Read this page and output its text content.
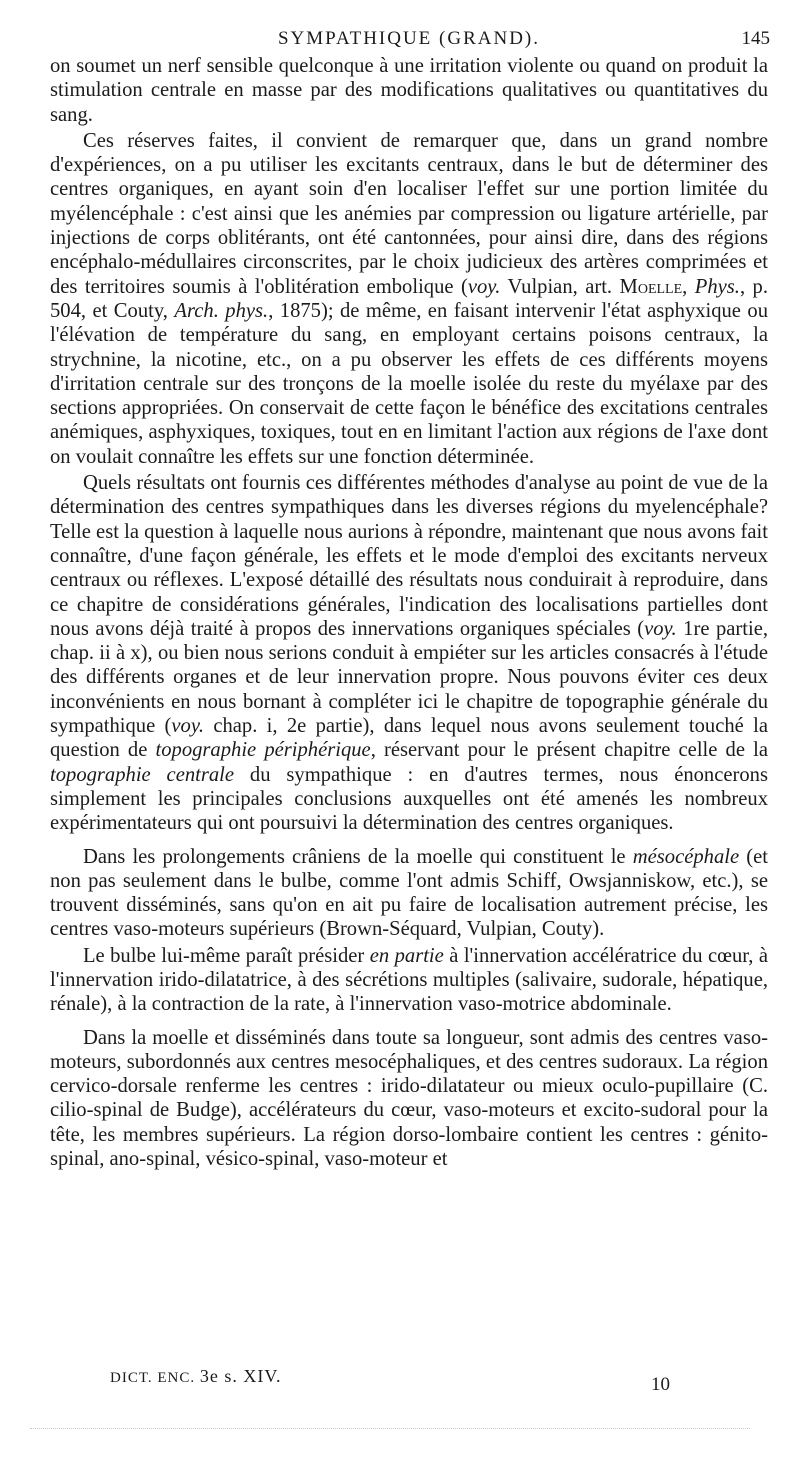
SYMPATHIQUE (GRAND).	145

on soumet un nerf sensible quelconque à une irritation violente ou quand on produit la stimulation centrale en masse par des modifications qualitatives ou quantitatives du sang.

Ces réserves faites, il convient de remarquer que, dans un grand nombre d'expériences, on a pu utiliser les excitants centraux, dans le but de déterminer des centres organiques, en ayant soin d'en localiser l'effet sur une portion limitée du myélencéphale : c'est ainsi que les anémies par compression ou ligature artérielle, par injections de corps oblitérants, ont été cantonnées, pour ainsi dire, dans des régions encéphalo-médullaires circonscrites, par le choix judicieux des artères comprimées et des territoires soumis à l'oblitération embolique (voy. Vulpian, art. Moelle, Phys., p. 504, et Couty, Arch. phys., 1875); de même, en faisant intervenir l'état asphyxique ou l'élévation de température du sang, en employant certains poisons centraux, la strychnine, la nicotine, etc., on a pu observer les effets de ces différents moyens d'irritation centrale sur des tronçons de la moelle isolée du reste du myélaxe par des sections appropriées. On conservait de cette façon le bénéfice des excitations centrales anémiques, asphyxiques, toxiques, tout en en limitant l'action aux régions de l'axe dont on voulait connaître les effets sur une fonction déterminée.

Quels résultats ont fournis ces différentes méthodes d'analyse au point de vue de la détermination des centres sympathiques dans les diverses régions du myelencéphale? Telle est la question à laquelle nous aurions à répondre, maintenant que nous avons fait connaître, d'une façon générale, les effets et le mode d'emploi des excitants nerveux centraux ou réflexes. L'exposé détaillé des résultats nous conduirait à reproduire, dans ce chapitre de considérations générales, l'indication des localisations partielles dont nous avons déjà traité à propos des innervations organiques spéciales (voy. 1re partie, chap. ii à x), ou bien nous serions conduit à empiéter sur les articles consacrés à l'étude des différents organes et de leur innervation propre. Nous pouvons éviter ces deux inconvénients en nous bornant à compléter ici le chapitre de topographie générale du sympathique (voy. chap. i, 2e partie), dans lequel nous avons seulement touché la question de topographie périphérique, réservant pour le présent chapitre celle de la topographie centrale du sympathique : en d'autres termes, nous énoncerons simplement les principales conclusions auxquelles ont été amenés les nombreux expérimentateurs qui ont poursuivi la détermination des centres organiques.

Dans les prolongements crâniens de la moelle qui constituent le mésocéphale (et non pas seulement dans le bulbe, comme l'ont admis Schiff, Owsjanniskow, etc.), se trouvent disséminés, sans qu'on en ait pu faire de localisation autrement précise, les centres vaso-moteurs supérieurs (Brown-Séquard, Vulpian, Couty).

Le bulbe lui-même paraît présider en partie à l'innervation accélératrice du cœur, à l'innervation irido-dilatatrice, à des sécrétions multiples (salivaire, sudorale, hépatique, rénale), à la contraction de la rate, à l'innervation vaso-motrice abdominale.

Dans la moelle et disséminés dans toute sa longueur, sont admis des centres vaso-moteurs, subordonnés aux centres mesocéphaliques, et des centres sudoraux. La région cervico-dorsale renferme les centres : irido-dilatateur ou mieux oculo-pupillaire (C. cilio-spinal de Budge), accélérateurs du cœur, vaso-moteurs et excito-sudoral pour la tête, les membres supérieurs. La région dorso-lombaire contient les centres : génito-spinal, ano-spinal, vésico-spinal, vaso-moteur et

DICT. ENC. 3e s. XIV.	10
